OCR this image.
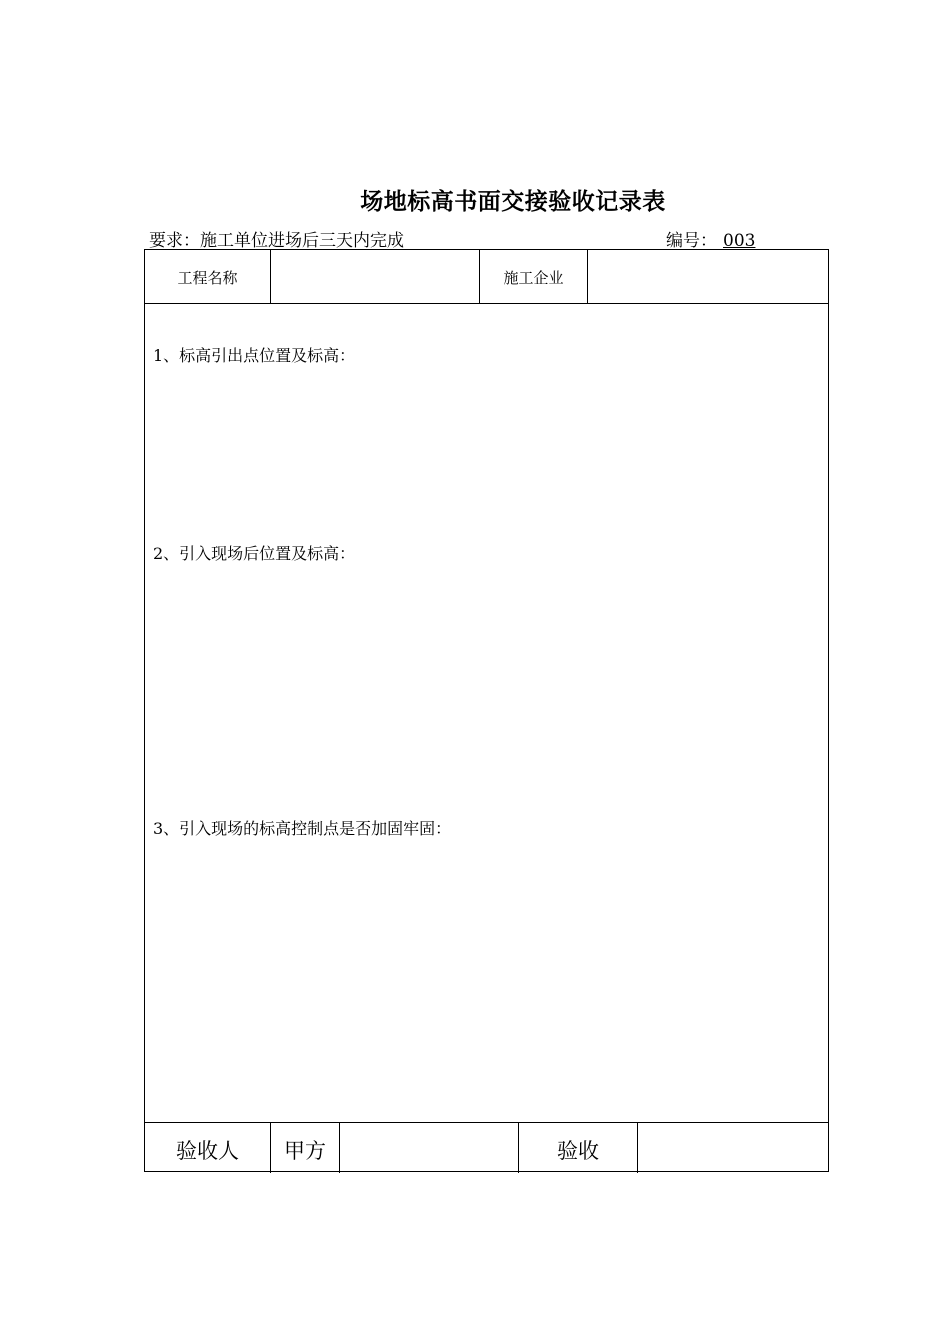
场地标高书面交接验收记录表
要求：施工单位进场后三天内完成	编号： 003
工程名称	施工企业
1、标高引出点位置及标高：
2、引入现场后位置及标高：
3、引入现场的标高控制点是否加固牢固：
验收人	甲方	验收
